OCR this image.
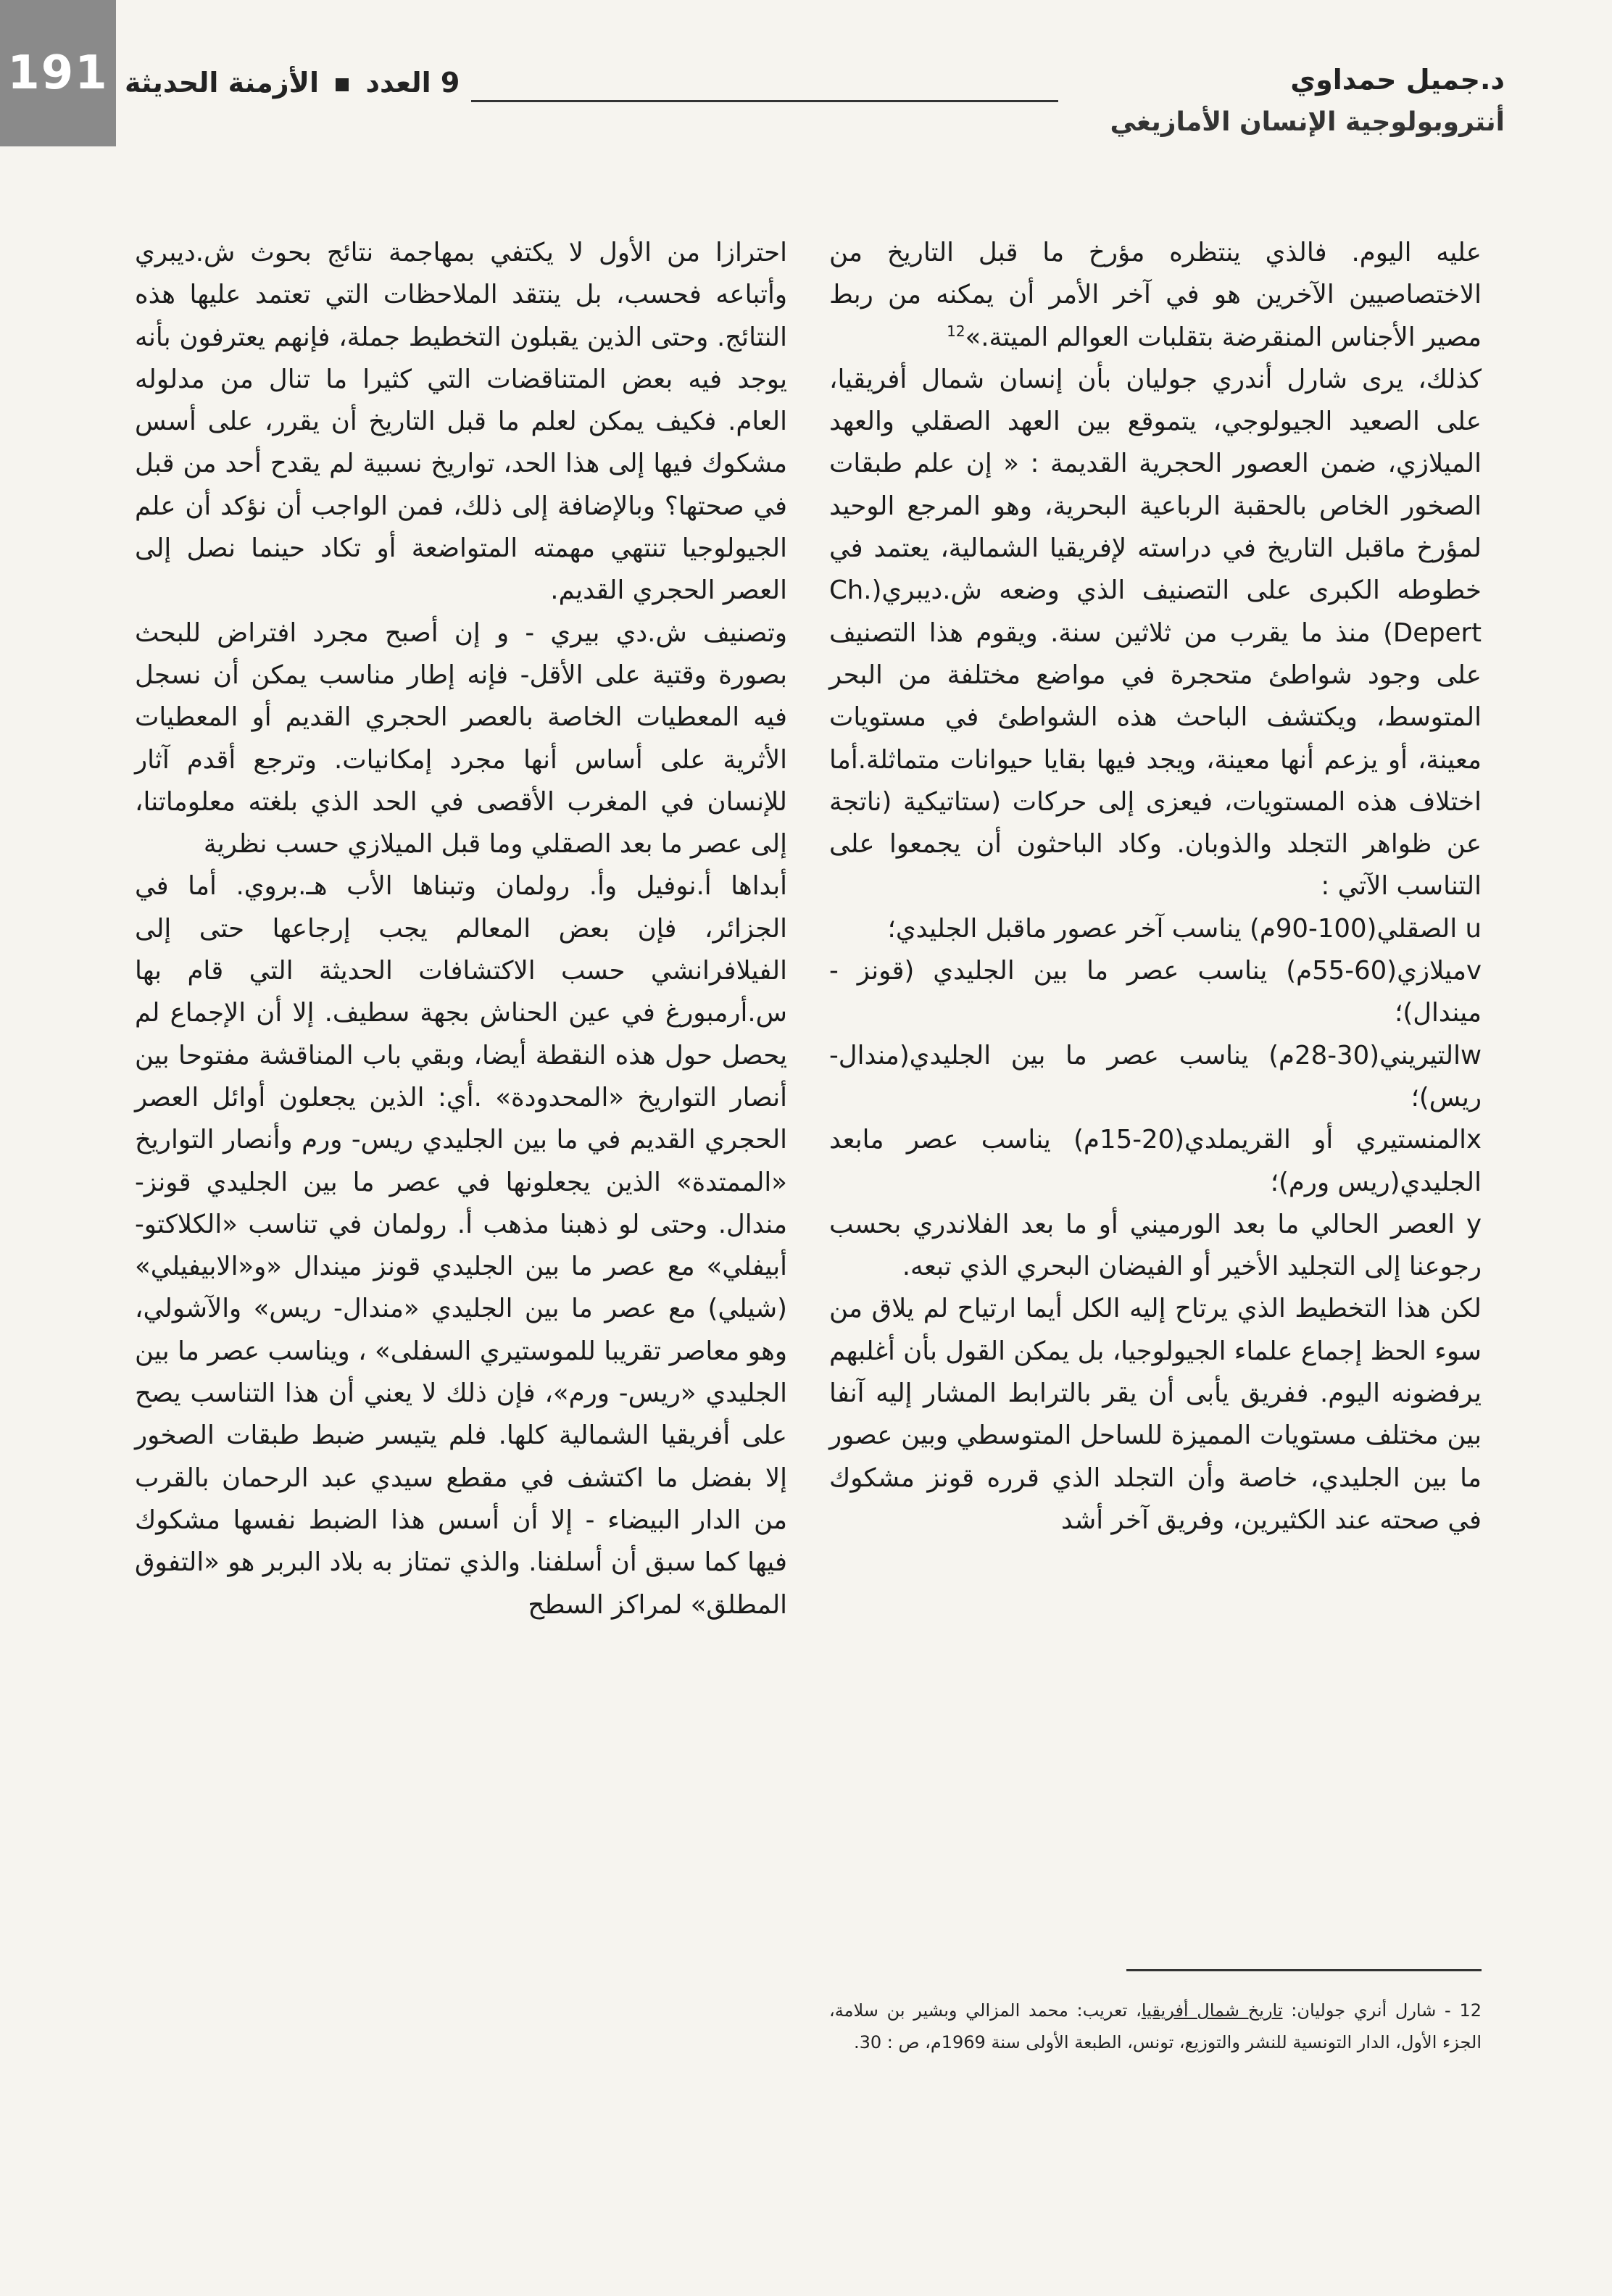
191	9 العدد  الأزمنة الحديثة	د.جميل حمداوي
أنتروبولوجية الإنسان الأمازيغي

عليه اليوم. فالذي ينتظره مؤرخ ما قبل التاريخ من الاختصاصيين الآخرين هو في آخر الأمر أن يمكنه من ربط مصير الأجناس المنقرضة بتقلبات العوالم الميتة.»$^{12}$

كذلك، يرى شارل أندري جوليان بأن إنسان شمال أفريقيا، على الصعيد الجيولوجي، يتموقع بين العهد الصقلي والعهد الميلازي، ضمن العصور الحجرية القديمة : « إن علم طبقات الصخور الخاص بالحقبة الرباعية البحرية، وهو المرجع الوحيد لمؤرخ ماقبل التاريخ في دراسته لإفريقيا الشمالية، يعتمد في خطوطه الكبرى على التصنيف الذي وضعه ش.ديبري(Ch. Depert) منذ ما يقرب من ثلاثين سنة. ويقوم هذا التصنيف على وجود شواطئ متحجرة في مواضع مختلفة من البحر المتوسط، ويكتشف الباحث هذه الشواطئ في مستويات معينة، أو يزعم أنها معينة، ويجد فيها بقايا حيوانات متماثلة.أما اختلاف هذه المستويات، فيعزى إلى حركات (ستاتيكية (ناتجة عن ظواهر التجلد والذوبان. وكاد الباحثون أن يجمعوا على التناسب الآتي :

u الصقلي(100-90م) يناسب آخر عصور ماقبل الجليدي؛

vميلازي(60-55م) يناسب عصر ما بين الجليدي (قونز - ميندال)؛

wالتيريني(30-28م) يناسب عصر ما بين الجليدي(مندال- ريس)؛

xالمنستيري أو القريملدي(20-15م) يناسب عصر مابعد الجليدي(ريس ورم)؛

y العصر الحالي ما بعد الورميني أو ما بعد الفلاندري بحسب رجوعنا إلى التجليد الأخير أو الفيضان البحري الذي تبعه.

لكن هذا التخطيط الذي يرتاح إليه الكل أيما ارتياح لم يلاق من سوء الحظ إجماع علماء الجيولوجيا، بل يمكن القول بأن أغلبهم يرفضونه اليوم. ففريق يأبى أن يقر بالترابط المشار إليه آنفا بين مختلف مستويات المميزة للساحل المتوسطي وبين عصور ما بين الجليدي، خاصة وأن التجلد الذي قرره قونز مشكوك في صحته عند الكثيرين، وفريق آخر أشد

احترازا من الأول لا يكتفي بمهاجمة نتائج بحوث ش.ديبري وأتباعه فحسب، بل ينتقد الملاحظات التي تعتمد عليها هذه النتائج. وحتى الذين يقبلون التخطيط جملة، فإنهم يعترفون بأنه يوجد فيه بعض المتناقضات التي كثيرا ما تنال من مدلوله العام. فكيف يمكن لعلم ما قبل التاريخ أن يقرر، على أسس مشكوك فيها إلى هذا الحد، تواريخ نسبية لم يقدح أحد من قبل في صحتها؟ وبالإضافة إلى ذلك، فمن الواجب أن نؤكد أن علم الجيولوجيا تنتهي مهمته المتواضعة أو تكاد حينما نصل إلى العصر الحجري القديم.

وتصنيف ش.دي بيري - و إن أصبح مجرد افتراض للبحث بصورة وقتية على الأقل- فإنه إطار مناسب يمكن أن نسجل فيه المعطيات الخاصة بالعصر الحجري القديم أو المعطيات الأثرية على أساس أنها مجرد إمكانيات. وترجع أقدم آثار للإنسان في المغرب الأقصى في الحد الذي بلغته معلوماتنا، إلى عصر ما بعد الصقلي وما قبل الميلازي حسب نظرية

أبداها أ.نوفيل وأ. رولمان وتبناها الأب هـ.بروي. أما في الجزائر، فإن بعض المعالم يجب إرجاعها حتى إلى الفيلافرانشي حسب الاكتشافات الحديثة التي قام بها س.أرمبورغ في عين الحناش بجهة سطيف. إلا أن الإجماع لم يحصل حول هذه النقطة أيضا، وبقي باب المناقشة مفتوحا بين أنصار التواريخ «المحدودة» .أي: الذين يجعلون أوائل العصر الحجري القديم في ما بين الجليدي ريس- ورم وأنصار التواريخ «الممتدة» الذين يجعلونها في عصر ما بين الجليدي قونز- مندال. وحتى لو ذهبنا مذهب أ. رولمان في تناسب «الكلاكتو- أبيفلي» مع عصر ما بين الجليدي قونز ميندال «و«الابيفيلي» (شيلي) مع عصر ما بين الجليدي «مندال- ريس» والآشولي، وهو معاصر تقريبا للموستيري السفلى» ، ويناسب عصر ما بين الجليدي «ريس- ورم»، فإن ذلك لا يعني أن هذا التناسب يصح على أفريقيا الشمالية كلها. فلم يتيسر ضبط طبقات الصخور إلا بفضل ما اكتشف في مقطع سيدي عبد الرحمان بالقرب من الدار البيضاء - إلا أن أسس هذا الضبط نفسها مشكوك فيها كما سبق أن أسلفنا. والذي تمتاز به بلاد البربر هو «التفوق المطلق» لمراكز السطح

12 - شارل أنري جوليان: تاريخ شمال أفريقيا، تعريب: محمد المزالي وبشير بن سلامة، الجزء الأول، الدار التونسية للنشر والتوزيع، تونس، الطبعة الأولى سنة 1969م، ص : 30.
